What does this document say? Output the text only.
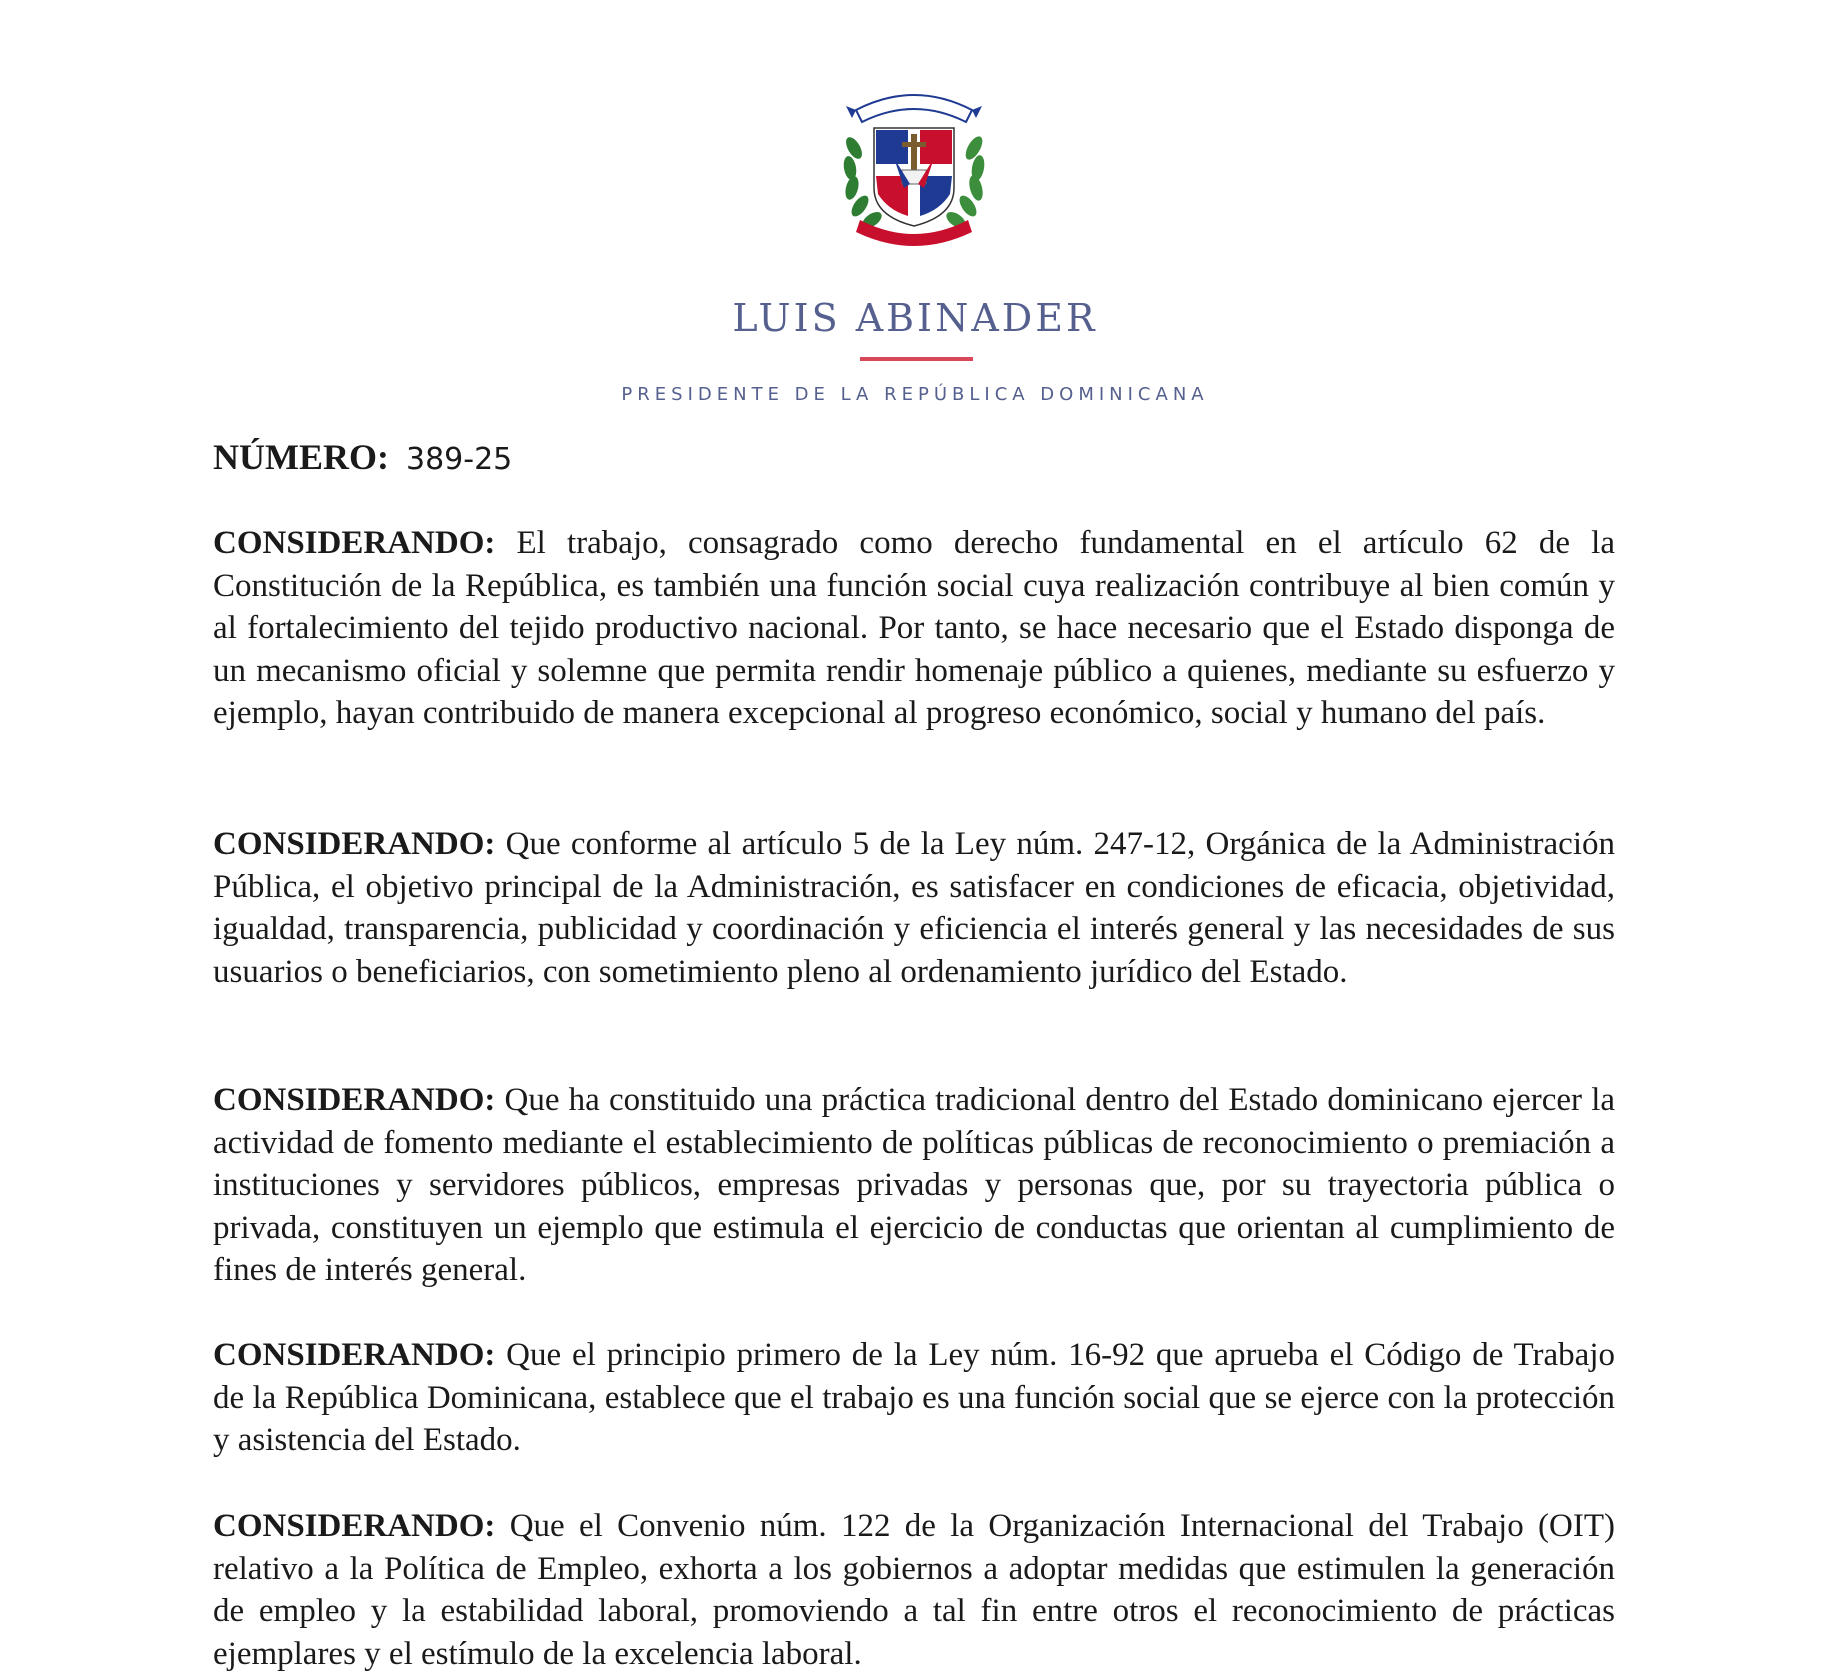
LUIS ABINADER
PRESIDENTE DE LA REPÚBLICA DOMINICANA
NÚMERO: 389-25
CONSIDERANDO: El trabajo, consagrado como derecho fundamental en el artículo 62 de la Constitución de la República, es también una función social cuya realización contribuye al bien común y al fortalecimiento del tejido productivo nacional. Por tanto, se hace necesario que el Estado disponga de un mecanismo oficial y solemne que permita rendir homenaje público a quienes, mediante su esfuerzo y ejemplo, hayan contribuido de manera excepcional al progreso económico, social y humano del país.
CONSIDERANDO: Que conforme al artículo 5 de la Ley núm. 247-12, Orgánica de la Administración Pública, el objetivo principal de la Administración, es satisfacer en condiciones de eficacia, objetividad, igualdad, transparencia, publicidad y coordinación y eficiencia el interés general y las necesidades de sus usuarios o beneficiarios, con sometimiento pleno al ordenamiento jurídico del Estado.
CONSIDERANDO: Que ha constituido una práctica tradicional dentro del Estado dominicano ejercer la actividad de fomento mediante el establecimiento de políticas públicas de reconocimiento o premiación a instituciones y servidores públicos, empresas privadas y personas que, por su trayectoria pública o privada, constituyen un ejemplo que estimula el ejercicio de conductas que orientan al cumplimiento de fines de interés general.
CONSIDERANDO: Que el principio primero de la Ley núm. 16-92 que aprueba el Código de Trabajo de la República Dominicana, establece que el trabajo es una función social que se ejerce con la protección y asistencia del Estado.
CONSIDERANDO: Que el Convenio núm. 122 de la Organización Internacional del Trabajo (OIT) relativo a la Política de Empleo, exhorta a los gobiernos a adoptar medidas que estimulen la generación de empleo y la estabilidad laboral, promoviendo a tal fin entre otros el reconocimiento de prácticas ejemplares y el estímulo de la excelencia laboral.
